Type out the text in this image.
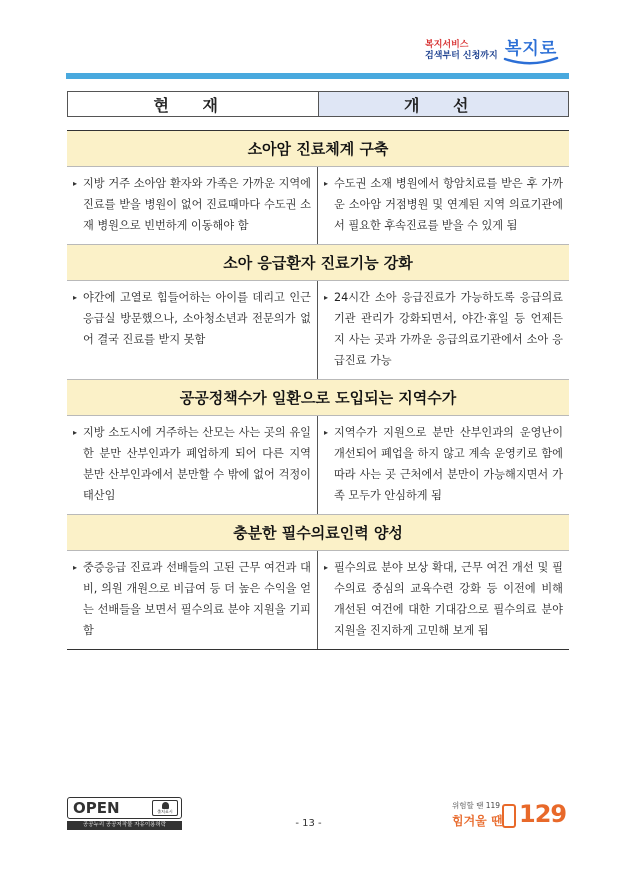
복지서비스
검색부터 신청까지 복지로
현 재	개 선
소아암 진료체계 구축
▸ 지방 거주 소아암 환자와 가족은 가까운 지역에 진료를 받을 병원이 없어 진료때마다 수도권 소재 병원으로 빈번하게 이동해야 함
▸ 수도권 소재 병원에서 항암치료를 받은 후 가까운 소아암 거점병원 및 연계된 지역 의료기관에서 필요한 후속진료를 받을 수 있게 됨
소아 응급환자 진료기능 강화
▸ 야간에 고열로 힘들어하는 아이를 데리고 인근 응급실 방문했으나, 소아청소년과 전문의가 없어 결국 진료를 받지 못함
▸ 24시간 소아 응급진료가 가능하도록 응급의료기관 관리가 강화되면서, 야간·휴일 등 언제든지 사는 곳과 가까운 응급의료기관에서 소아 응급진료 가능
공공정책수가 일환으로 도입되는 지역수가
▸ 지방 소도시에 거주하는 산모는 사는 곳의 유일한 분만 산부인과가 폐업하게 되어 다른 지역 분만 산부인과에서 분만할 수 밖에 없어 걱정이 태산임
▸ 지역수가 지원으로 분만 산부인과의 운영난이 개선되어 폐업을 하지 않고 계속 운영키로 함에 따라 사는 곳 근처에서 분만이 가능해지면서 가족 모두가 안심하게 됨
충분한 필수의료인력 양성
▸ 중증응급 진료과 선배들의 고된 근무 여건과 대비, 의원 개원으로 비급여 등 더 높은 수익을 얻는 선배들을 보면서 필수의료 분야 지원을 기피함
▸ 필수의료 분야 보상 확대, 근무 여건 개선 및 필수의료 중심의 교육수련 강화 등 이전에 비해 개선된 여건에 대한 기대감으로 필수의료 분야 지원을 진지하게 고민해 보게 됨
OPEN	출처표시
공공누리 공공저작물 자유이용허락	- 13 -
위험할 땐 119
힘겨울 땐 129
